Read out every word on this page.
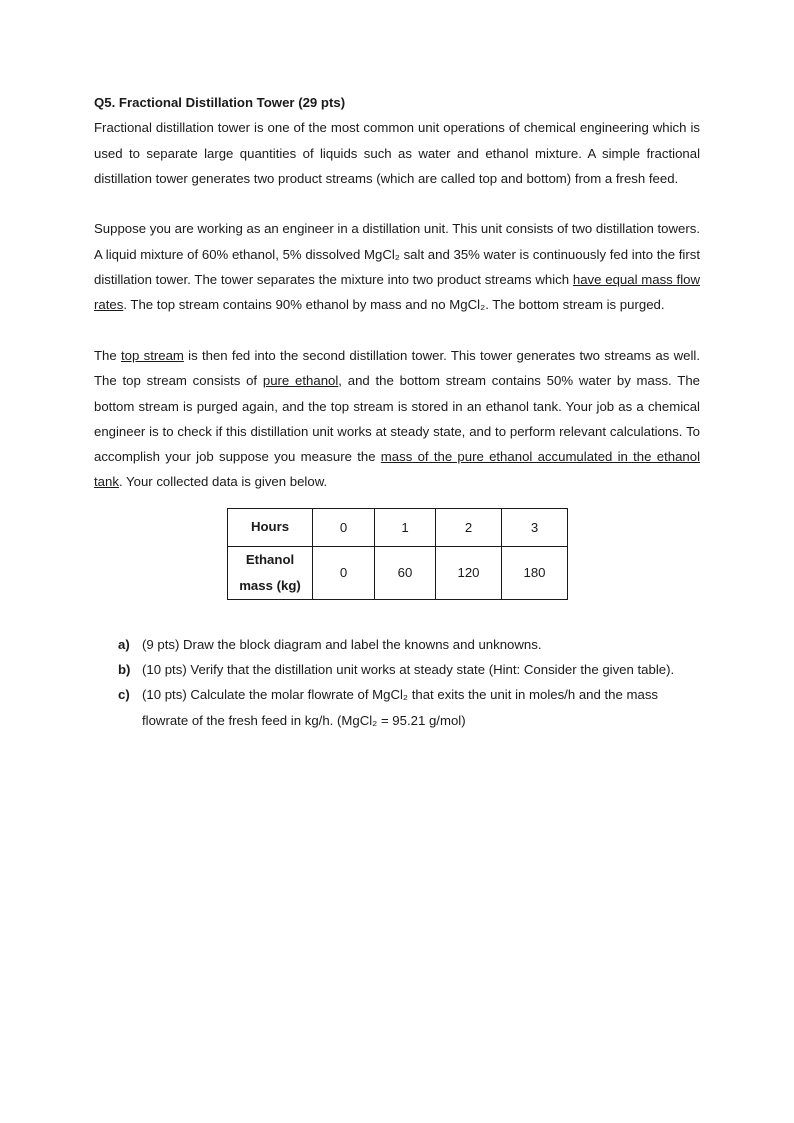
Q5. Fractional Distillation Tower (29 pts)

Fractional distillation tower is one of the most common unit operations of chemical engineering which is used to separate large quantities of liquids such as water and ethanol mixture. A simple fractional distillation tower generates two product streams (which are called top and bottom) from a fresh feed.

Suppose you are working as an engineer in a distillation unit. This unit consists of two distillation towers. A liquid mixture of 60% ethanol, 5% dissolved MgCl₂ salt and 35% water is continuously fed into the first distillation tower. The tower separates the mixture into two product streams which have equal mass flow rates. The top stream contains 90% ethanol by mass and no MgCl₂. The bottom stream is purged.

The top stream is then fed into the second distillation tower. This tower generates two streams as well. The top stream consists of pure ethanol, and the bottom stream contains 50% water by mass. The bottom stream is purged again, and the top stream is stored in an ethanol tank. Your job as a chemical engineer is to check if this distillation unit works at steady state, and to perform relevant calculations. To accomplish your job suppose you measure the mass of the pure ethanol accumulated in the ethanol tank. Your collected data is given below.

Hours	0	1	2	3
Ethanol
mass (kg)	0	60	120	180
a) (9 pts) Draw the block diagram and label the knowns and unknowns.
b) (10 pts) Verify that the distillation unit works at steady state (Hint: Consider the given table).
c) (10 pts) Calculate the molar flowrate of MgCl₂ that exits the unit in moles/h and the mass flowrate of the fresh feed in kg/h. (MgCl₂ = 95.21 g/mol)
